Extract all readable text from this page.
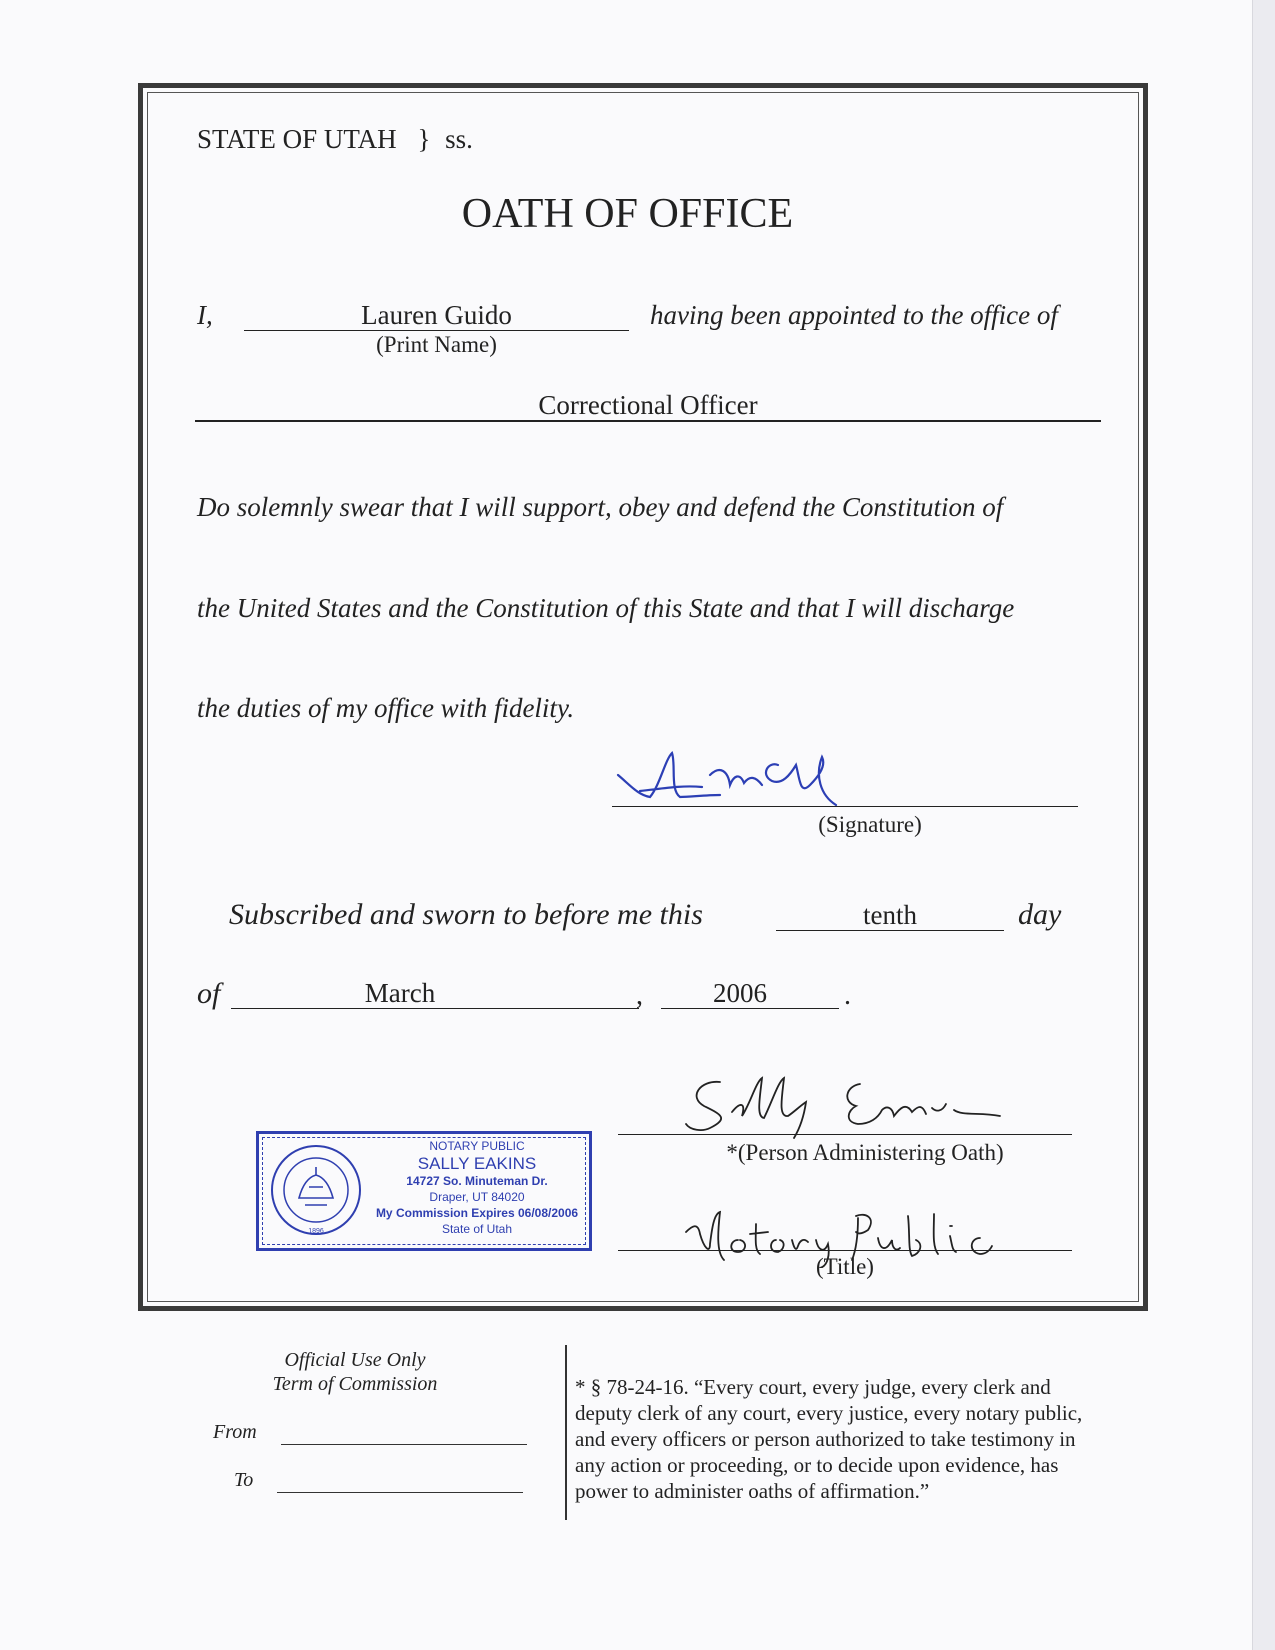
STATE OF UTAH } ss.
OATH OF OFFICE
I,	Lauren Guido
(Print Name)
having been appointed to the office of
Correctional Officer
Do solemnly swear that I will support, obey and defend the Constitution of
the United States and the Constitution of this State and that I will discharge
the duties of my office with fidelity.
(Signature)
Subscribed and sworn to before me this	tenth	day
of	March	,	2006	.
*(Person Administering Oath)
(Title)
1896
NOTARY PUBLIC
SALLY EAKINS
14727 So. Minuteman Dr.
Draper, UT 84020
My Commission Expires 06/08/2006
State of Utah
Official Use Only
Term of Commission
From
To
* § 78-24-16. “Every court, every judge, every clerk and
deputy clerk of any court, every justice, every notary public,
and every officers or person authorized to take testimony in
any action or proceeding, or to decide upon evidence, has
power to administer oaths of affirmation.”
